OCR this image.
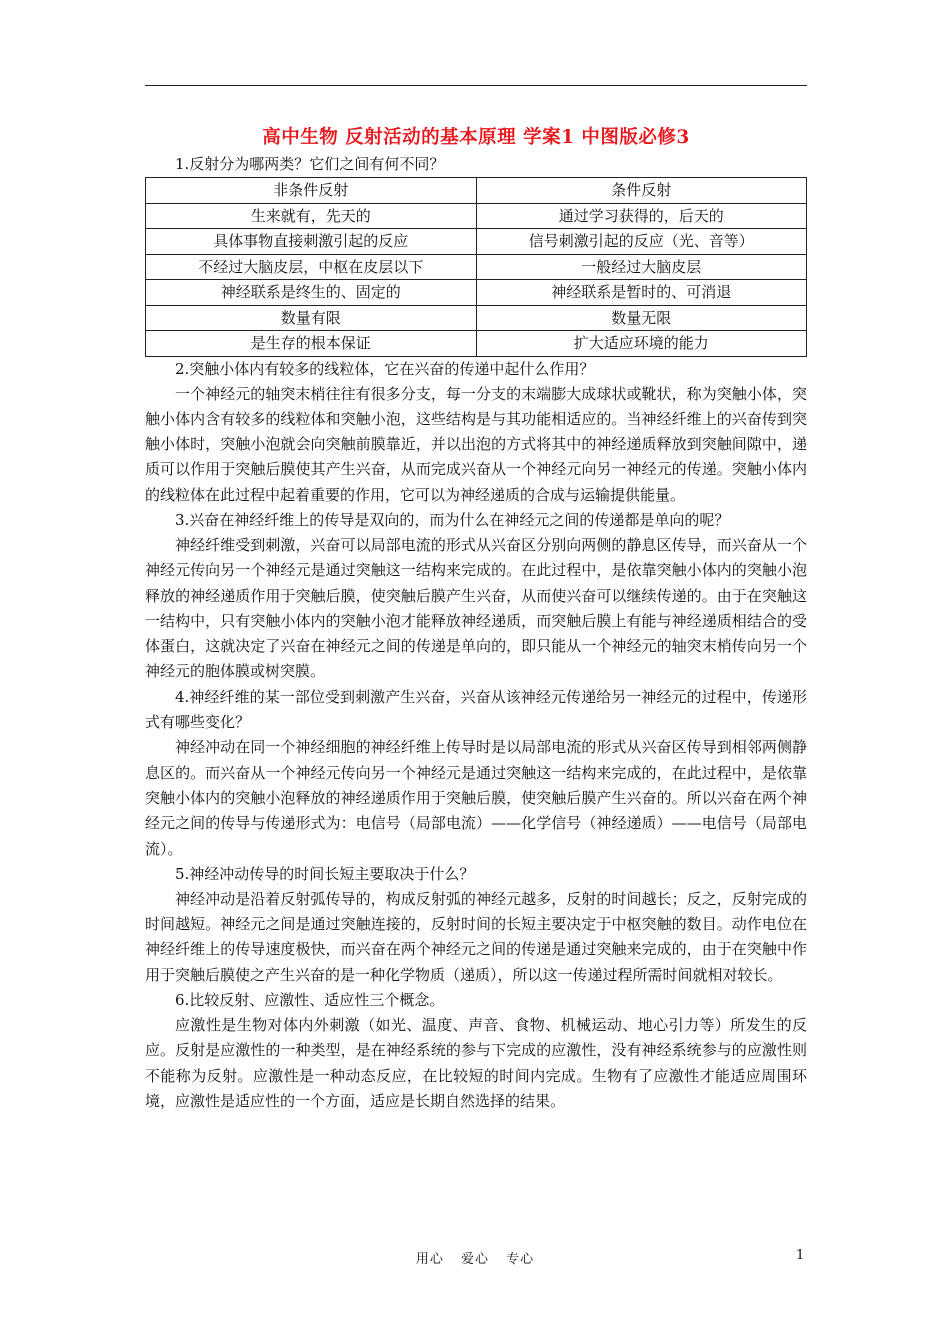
高中生物 反射活动的基本原理 学案1 中图版必修3

1.反射分为哪两类？它们之间有何不同？

非条件反射	条件反射
生来就有，先天的	通过学习获得的，后天的
具体事物直接刺激引起的反应	信号刺激引起的反应（光、音等）
不经过大脑皮层，中枢在皮层以下	一般经过大脑皮层
神经联系是终生的、固定的	神经联系是暂时的、可消退
数量有限	数量无限
是生存的根本保证	扩大适应环境的能力

2.突触小体内有较多的线粒体，它在兴奋的传递中起什么作用？

一个神经元的轴突末梢往往有很多分支，每一分支的末端膨大成球状或靴状，称为突触小体，突触小体内含有较多的线粒体和突触小泡，这些结构是与其功能相适应的。当神经纤维上的兴奋传到突触小体时，突触小泡就会向突触前膜靠近，并以出泡的方式将其中的神经递质释放到突触间隙中，递质可以作用于突触后膜使其产生兴奋，从而完成兴奋从一个神经元向另一神经元的传递。突触小体内的线粒体在此过程中起着重要的作用，它可以为神经递质的合成与运输提供能量。

3.兴奋在神经纤维上的传导是双向的，而为什么在神经元之间的传递都是单向的呢？

神经纤维受到刺激，兴奋可以局部电流的形式从兴奋区分别向两侧的静息区传导，而兴奋从一个神经元传向另一个神经元是通过突触这一结构来完成的。在此过程中，是依靠突触小体内的突触小泡释放的神经递质作用于突触后膜，使突触后膜产生兴奋，从而使兴奋可以继续传递的。由于在突触这一结构中，只有突触小体内的突触小泡才能释放神经递质，而突触后膜上有能与神经递质相结合的受体蛋白，这就决定了兴奋在神经元之间的传递是单向的，即只能从一个神经元的轴突末梢传向另一个神经元的胞体膜或树突膜。

4.神经纤维的某一部位受到刺激产生兴奋，兴奋从该神经元传递给另一神经元的过程中，传递形式有哪些变化？

神经冲动在同一个神经细胞的神经纤维上传导时是以局部电流的形式从兴奋区传导到相邻两侧静息区的。而兴奋从一个神经元传向另一个神经元是通过突触这一结构来完成的，在此过程中，是依靠突触小体内的突触小泡释放的神经递质作用于突触后膜，使突触后膜产生兴奋的。所以兴奋在两个神经元之间的传导与传递形式为：电信号（局部电流）——化学信号（神经递质）——电信号（局部电流）。

5.神经冲动传导的时间长短主要取决于什么？

神经冲动是沿着反射弧传导的，构成反射弧的神经元越多，反射的时间越长；反之，反射完成的时间越短。神经元之间是通过突触连接的，反射时间的长短主要决定于中枢突触的数目。动作电位在神经纤维上的传导速度极快，而兴奋在两个神经元之间的传递是通过突触来完成的，由于在突触中作用于突触后膜使之产生兴奋的是一种化学物质（递质），所以这一传递过程所需时间就相对较长。

6.比较反射、应激性、适应性三个概念。

应激性是生物对体内外刺激（如光、温度、声音、食物、机械运动、地心引力等）所发生的反应。反射是应激性的一种类型，是在神经系统的参与下完成的应激性，没有神经系统参与的应激性则不能称为反射。应激性是一种动态反应，在比较短的时间内完成。生物有了应激性才能适应周围环境，应激性是适应性的一个方面，适应是长期自然选择的结果。

用心 爱心 专心	1
